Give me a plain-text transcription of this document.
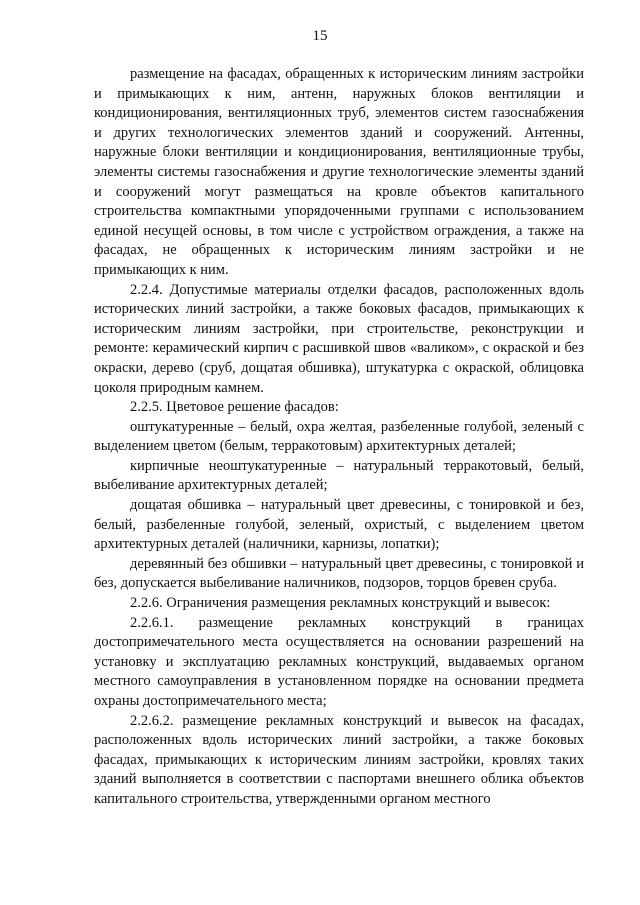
15

размещение на фасадах, обращенных к историческим линиям застройки и примыкающих к ним, антенн, наружных блоков вентиляции и кондиционирования, вентиляционных труб, элементов систем газоснабжения и других технологических элементов зданий и сооружений. Антенны, наружные блоки вентиляции и кондиционирования, вентиляционные трубы, элементы системы газоснабжения и другие технологические элементы зданий и сооружений могут размещаться на кровле объектов капитального строительства компактными упорядоченными группами с использованием единой несущей основы, в том числе с устройством ограждения, а также на фасадах, не обращенных к историческим линиям застройки и не примыкающих к ним.

2.2.4. Допустимые материалы отделки фасадов, расположенных вдоль исторических линий застройки, а также боковых фасадов, примыкающих к историческим линиям застройки, при строительстве, реконструкции и ремонте: керамический кирпич с расшивкой швов «валиком», с окраской и без окраски, дерево (сруб, дощатая обшивка), штукатурка с окраской, облицовка цоколя природным камнем.

2.2.5. Цветовое решение фасадов:

оштукатуренные – белый, охра желтая, разбеленные голубой, зеленый с выделением цветом (белым, терракотовым) архитектурных деталей;

кирпичные неоштукатуренные – натуральный терракотовый, белый, выбеливание архитектурных деталей;

дощатая обшивка – натуральный цвет древесины, с тонировкой и без, белый, разбеленные голубой, зеленый, охристый, с выделением цветом архитектурных деталей (наличники, карнизы, лопатки);

деревянный без обшивки – натуральный цвет древесины, с тонировкой и без, допускается выбеливание наличников, подзоров, торцов бревен сруба.

2.2.6. Ограничения размещения рекламных конструкций и вывесок:

2.2.6.1. размещение рекламных конструкций в границах достопримечательного места осуществляется на основании разрешений на установку и эксплуатацию рекламных конструкций, выдаваемых органом местного самоуправления в установленном порядке на основании предмета охраны достопримечательного места;

2.2.6.2. размещение рекламных конструкций и вывесок на фасадах, расположенных вдоль исторических линий застройки, а также боковых фасадах, примыкающих к историческим линиям застройки, кровлях таких зданий выполняется в соответствии с паспортами внешнего облика объектов капитального строительства, утвержденными органом местного
